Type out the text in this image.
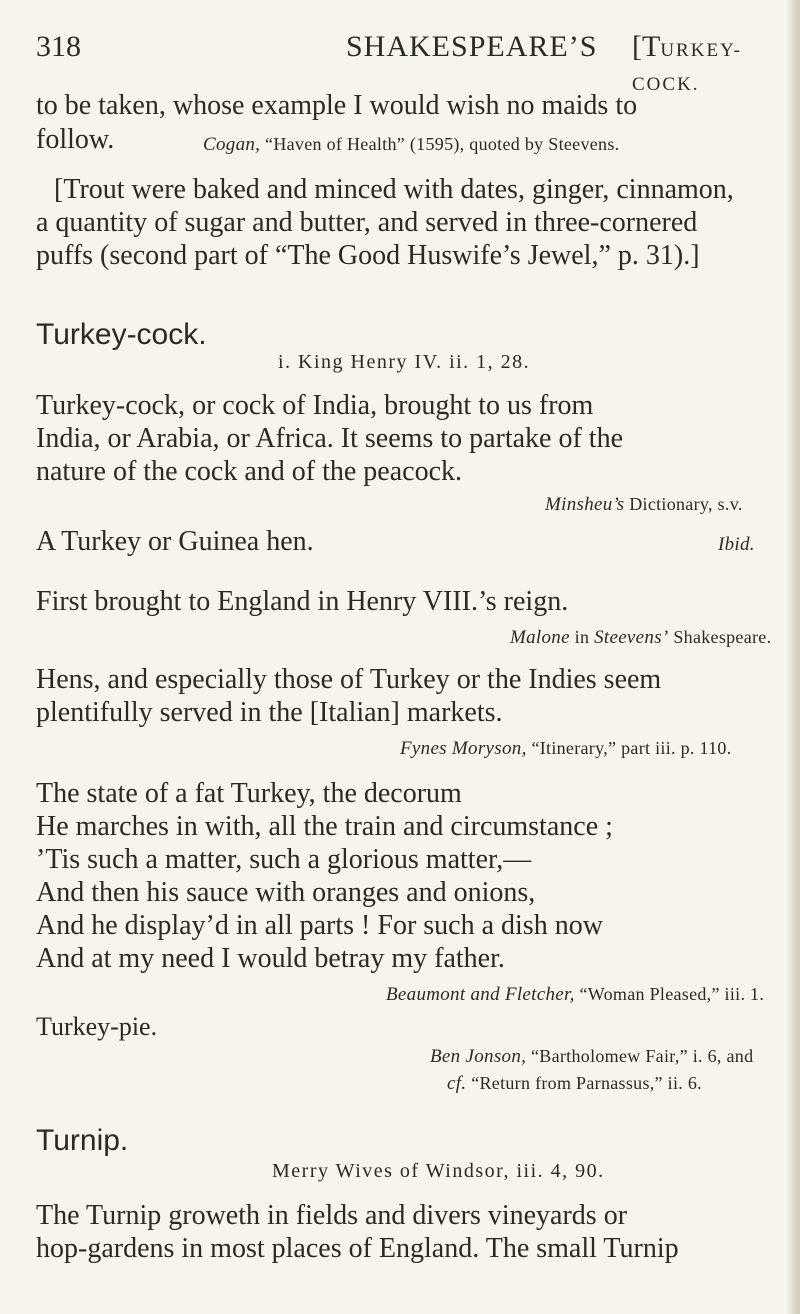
318	SHAKESPEARE’S [TURKEY-COCK.
to be taken, whose example I would wish no maids to
follow.	Cogan, “Haven of Health” (1595), quoted by Steevens.
[Trout were baked and minced with dates, ginger, cinnamon,
a quantity of sugar and butter, and served in three-cornered
puffs (second part of “The Good Huswife’s Jewel,” p. 31).]
Turkey-cock.
i. King Henry IV. ii. 1, 28.
Turkey-cock, or cock of India, brought to us from
India, or Arabia, or Africa. It seems to partake of the
nature of the cock and of the peacock.
Minsheu’s Dictionary, s.v.
A Turkey or Guinea hen.	Ibid.
First brought to England in Henry VIII.’s reign.
Malone in Steevens’ Shakespeare.
Hens, and especially those of Turkey or the Indies seem
plentifully served in the [Italian] markets.
Fynes Moryson, “Itinerary,” part iii. p. 110.
The state of a fat Turkey, the decorum
He marches in with, all the train and circumstance ;
’Tis such a matter, such a glorious matter,—
And then his sauce with oranges and onions,
And he display’d in all parts ! For such a dish now
And at my need I would betray my father.
Beaumont and Fletcher, “Woman Pleased,” iii. 1.
Turkey-pie.
Ben Jonson, “Bartholomew Fair,” i. 6, and
cf. “Return from Parnassus,” ii. 6.
Turnip.
Merry Wives of Windsor, iii. 4, 90.
The Turnip groweth in fields and divers vineyards or
hop-gardens in most places of England. The small Turnip
